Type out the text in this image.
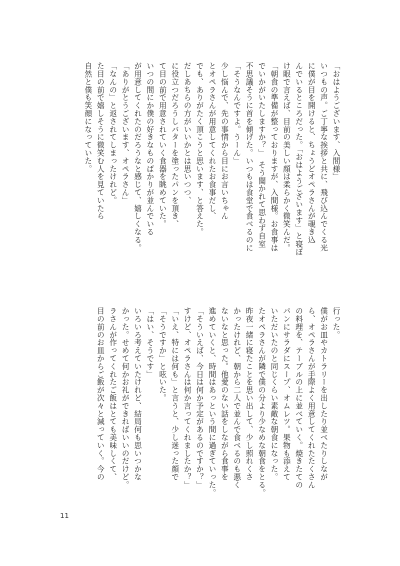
「おはようございます、入間様」
いつもの声。ご丁寧な挨拶と共に、飛び込んでくる光
に僕が目を開けると、ちょうどオペラさんが覗き込
んでいるところだった。「おはようございます」と寝ぼ
け眼で言えば、目前の美しい顔は柔らかく微笑んだ。
「朝食の準備が整っておりますが、入間様。お食事は
でいかがいたしますか？」　そう聞かれて思わず自室
不思議そうに首を傾げた。いつもは食堂で食べるのに
「そうなんですよ。うーん」
少し悩んで、先の事情から目にお言いちゃん
とオペラさんが用意してくれたお食事だし、
でも、ありがたく頂こうと思います、と答えた。
だしあちらの方がいいかとは思いつつ、
に役立つだろうしバターを塗ったパンを頂き、
て目の前で用意されていく食器を眺めていた。
いつの間にか僕の好きなものばかりが並んでいる
が用意してくれたのだろうなと感じて、嬉しくなる。
「ありがとうございます、オペラさん」
「なんの」と返されてしまったけれど。
た目の前で嬉しそうに微笑む人を見ていたら
自然と僕も笑顔になっていた。
行った。
僕がお皿やカトラリーを出したり並べたりしなが
ら、オペラさんが手際よく用意してくれたたくさん
の料理を、テーブルの上に並べていく。焼きたての
パンにサラダにスープ、オムレツ。果物も添えて
いただいたのと同じくらい素敵な朝食になった。
たオペラさんが隣で僕の分より少なめな朝食をとる。
昨夜一緒に寝たことを思い出して、少し照れくさ
かったけれど、朝から二人で並んで食べるのも悪く
ないなと思った。他愛のない話をしながら食事を
進めていくと、時間はあっという間に過ぎていった。
「そういえば、今日は何か予定があるのですか？」
すけど、オペラさんは何か言ってくれましたか？」
「いえ、特には何も」と言うと、少し迷った顔で
「そうですか」と呟いた。
「はい、そうです」
いろいろ考えていたけれど、結局何も思いつかな
かった。せめて何かお礼ができればいいのだけど。
ラさんが作ってくれたご飯はとても美味しくて、
目の前のお皿からご飯が次々と減っていく。今の
11
